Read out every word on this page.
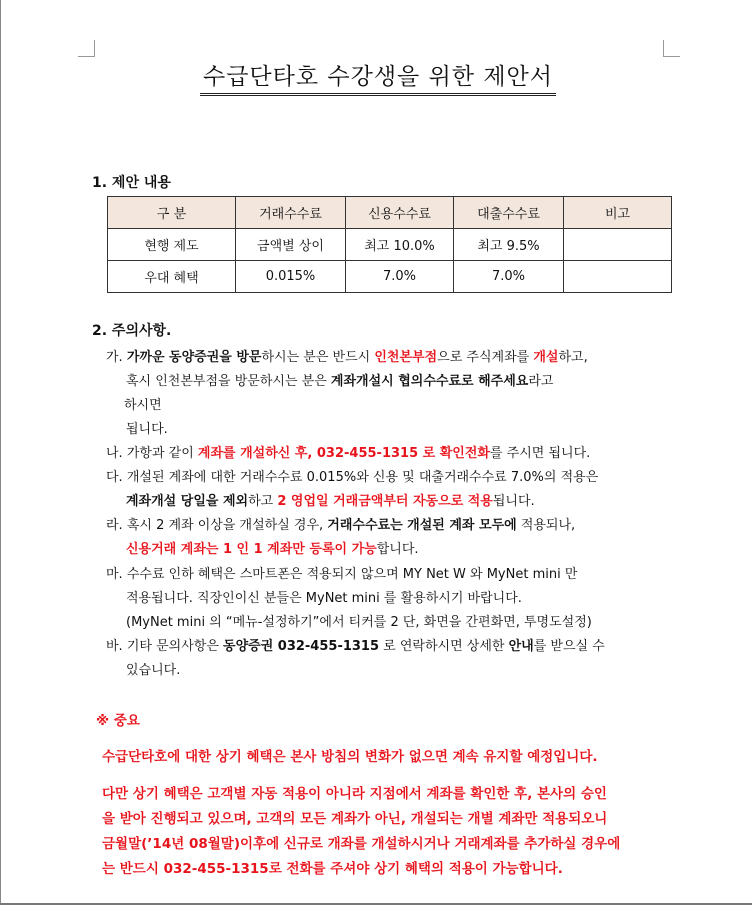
수급단타호 수강생을 위한 제안서
1. 제안 내용
구 분	거래수수료	신용수수료	대출수수료	비고
현행 제도	금액별 상이	최고 10.0%	최고 9.5%	
우대 혜택	0.015%	7.0%	7.0%	
2. 주의사항.
가. 가까운 동양증권을 방문하시는 분은 반드시 인천본부점으로 주식계좌를 개설하고,
혹시 인천본부점을 방문하시는 분은 계좌개설시 협의수수료로 해주세요라고
하시면
됩니다.
나. 가항과 같이 계좌를 개설하신 후, 032-455-1315 로 확인전화를 주시면 됩니다.
다. 개설된 계좌에 대한 거래수수료 0.015%와 신용 및 대출거래수수료 7.0%의 적용은
계좌개설 당일을 제외하고 2 영업일 거래금액부터 자동으로 적용됩니다.
라. 혹시 2 계좌 이상을 개설하실 경우, 거래수수료는 개설된 계좌 모두에 적용되나,
신용거래 계좌는 1 인 1 계좌만 등록이 가능합니다.
마. 수수료 인하 혜택은 스마트폰은 적용되지 않으며 MY Net W 와 MyNet mini 만
적용됩니다. 직장인이신 분들은 MyNet mini 를 활용하시기 바랍니다.
(MyNet mini 의 “메뉴-설정하기”에서 티커를 2 단, 화면을 간편화면, 투명도설정)
바. 기타 문의사항은 동양증권 032-455-1315 로 연락하시면 상세한 안내를 받으실 수
있습니다.
※ 중요
수급단타호에 대한 상기 혜택은 본사 방침의 변화가 없으면 계속 유지할 예정입니다.
다만 상기 혜택은 고객별 자동 적용이 아니라 지점에서 계좌를 확인한 후, 본사의 승인
을 받아 진행되고 있으며, 고객의 모든 계좌가 아닌, 개설되는 개별 계좌만 적용되오니
금월말(’14년 08월말)이후에 신규로 개좌를 개설하시거나 거래계좌를 추가하실 경우에
는 반드시 032-455-1315로 전화를 주셔야 상기 혜택의 적용이 가능합니다.
